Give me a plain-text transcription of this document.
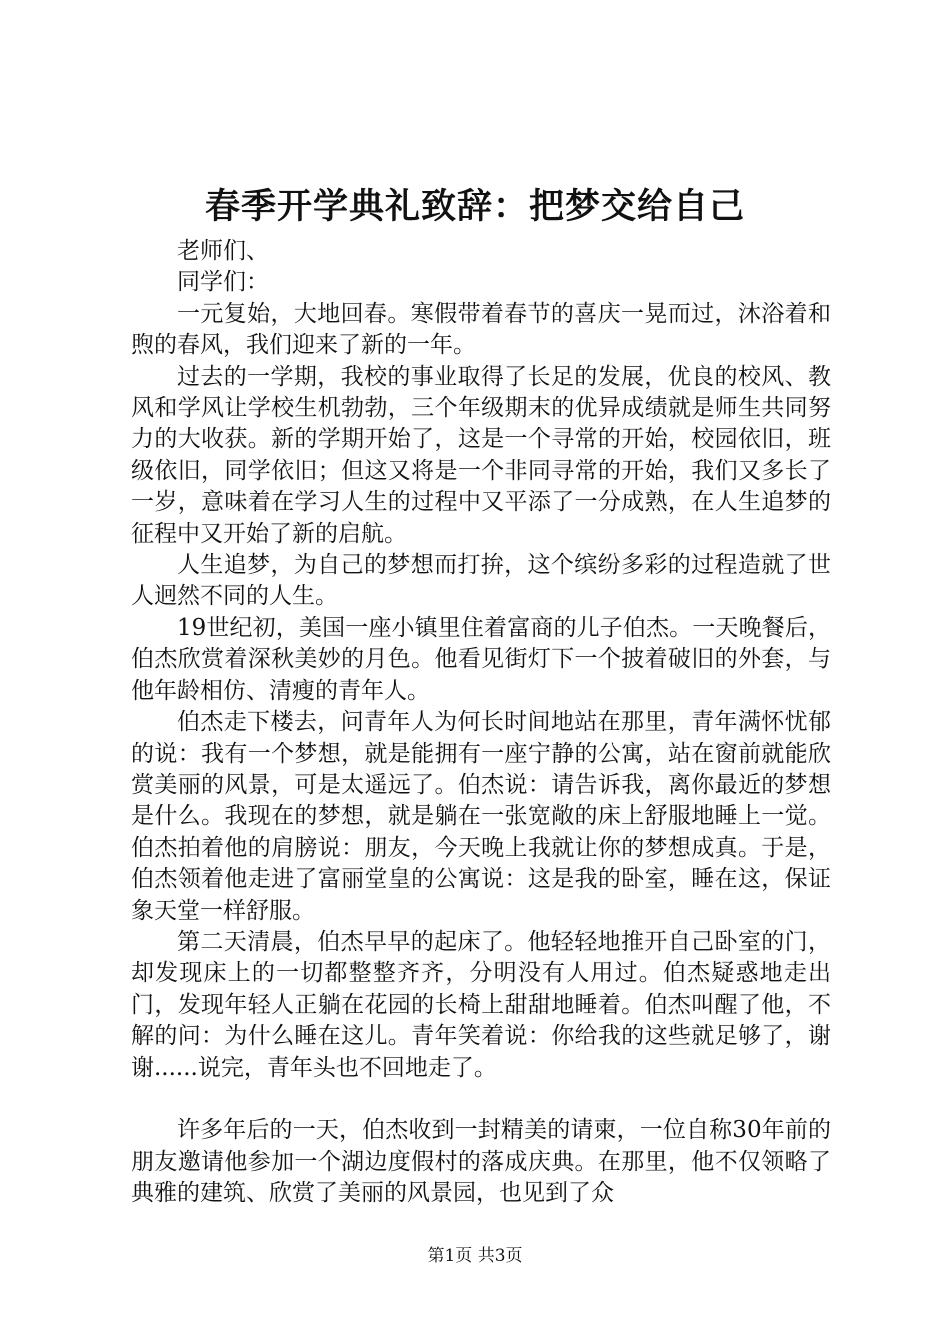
春季开学典礼致辞：把梦交给自己

老师们、

同学们：

一元复始，大地回春。寒假带着春节的喜庆一晃而过，沐浴着和煦的春风，我们迎来了新的一年。

过去的一学期，我校的事业取得了长足的发展，优良的校风、教风和学风让学校生机勃勃，三个年级期末的优异成绩就是师生共同努力的大收获。新的学期开始了，这是一个寻常的开始，校园依旧，班级依旧，同学依旧；但这又将是一个非同寻常的开始，我们又多长了一岁，意味着在学习人生的过程中又平添了一分成熟，在人生追梦的征程中又开始了新的启航。

人生追梦，为自己的梦想而打拚，这个缤纷多彩的过程造就了世人迥然不同的人生。

19世纪初，美国一座小镇里住着富商的儿子伯杰。一天晚餐后，伯杰欣赏着深秋美妙的月色。他看见街灯下一个披着破旧的外套，与他年龄相仿、清瘦的青年人。

伯杰走下楼去，问青年人为何长时间地站在那里，青年满怀忧郁的说：我有一个梦想，就是能拥有一座宁静的公寓，站在窗前就能欣赏美丽的风景，可是太遥远了。伯杰说：请告诉我，离你最近的梦想是什么。我现在的梦想，就是躺在一张宽敞的床上舒服地睡上一觉。伯杰拍着他的肩膀说：朋友，今天晚上我就让你的梦想成真。于是，伯杰领着他走进了富丽堂皇的公寓说：这是我的卧室，睡在这，保证象天堂一样舒服。

第二天清晨，伯杰早早的起床了。他轻轻地推开自己卧室的门，却发现床上的一切都整整齐齐，分明没有人用过。伯杰疑惑地走出门，发现年轻人正躺在花园的长椅上甜甜地睡着。伯杰叫醒了他，不解的问：为什么睡在这儿。青年笑着说：你给我的这些就足够了，谢谢......说完，青年头也不回地走了。

许多年后的一天，伯杰收到一封精美的请柬，一位自称30年前的朋友邀请他参加一个湖边度假村的落成庆典。在那里，他不仅领略了典雅的建筑、欣赏了美丽的风景园，也见到了众

第1页 共3页
